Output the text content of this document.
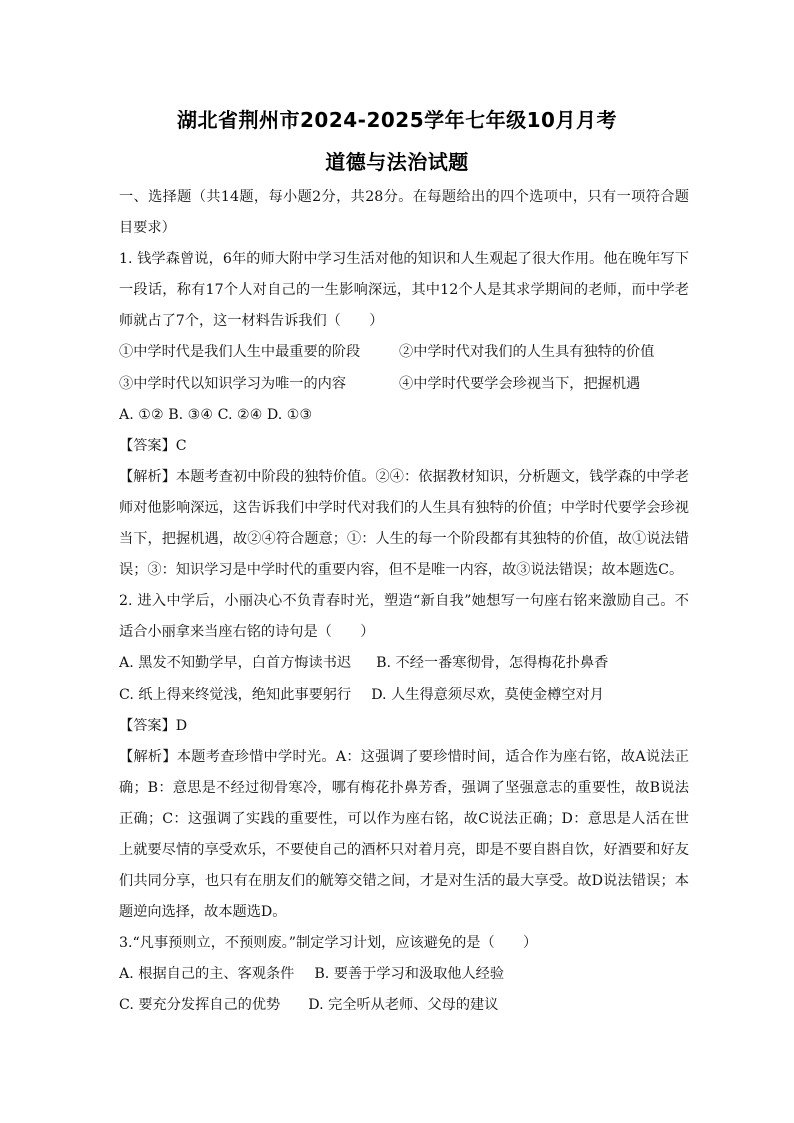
湖北省荆州市2024-2025学年七年级10月月考
道德与法治试题

一、选择题（共14题，每小题2分，共28分。在每题给出的四个选项中，只有一项符合题目要求）

1. 钱学森曾说，6年的师大附中学习生活对他的知识和人生观起了很大作用。他在晚年写下一段话，称有17个人对自己的一生影响深远，其中12个人是其求学期间的老师，而中学老师就占了7个，这一材料告诉我们（　　）

①中学时代是我们人生中最重要的阶段	②中学时代对我们的人生具有独特的价值
③中学时代以知识学习为唯一的内容	④中学时代要学会珍视当下，把握机遇

A. ①② B. ③④ C. ②④ D. ①③

【答案】C

【解析】本题考查初中阶段的独特价值。②④：依据教材知识，分析题文，钱学森的中学老师对他影响深远，这告诉我们中学时代对我们的人生具有独特的价值；中学时代要学会珍视当下，把握机遇，故②④符合题意；①：人生的每一个阶段都有其独特的价值，故①说法错误；③：知识学习是中学时代的重要内容，但不是唯一内容，故③说法错误；故本题选C。

2. 进入中学后，小丽决心不负青春时光，塑造“新自我”她想写一句座右铭来激励自己。不适合小丽拿来当座右铭的诗句是（　　）

A. 黑发不知勤学早，白首方悔读书迟 B. 不经一番寒彻骨，怎得梅花扑鼻香

C. 纸上得来终觉浅，绝知此事要躬行 D. 人生得意须尽欢，莫使金樽空对月

【答案】D

【解析】本题考查珍惜中学时光。A：这强调了要珍惜时间，适合作为座右铭，故A说法正确；B：意思是不经过彻骨寒冷，哪有梅花扑鼻芳香，强调了坚强意志的重要性，故B说法正确；C：这强调了实践的重要性，可以作为座右铭，故C说法正确；D：意思是人活在世上就要尽情的享受欢乐，不要使自己的酒杯只对着月亮，即是不要自斟自饮，好酒要和好友们共同分享，也只有在朋友们的觥筹交错之间，才是对生活的最大享受。故D说法错误；本题逆向选择，故本题选D。

3.“凡事预则立，不预则废。”制定学习计划，应该避免的是（　　）

A. 根据自己的主、客观条件 B. 要善于学习和汲取他人经验

C. 要充分发挥自己的优势 D. 完全听从老师、父母的建议
